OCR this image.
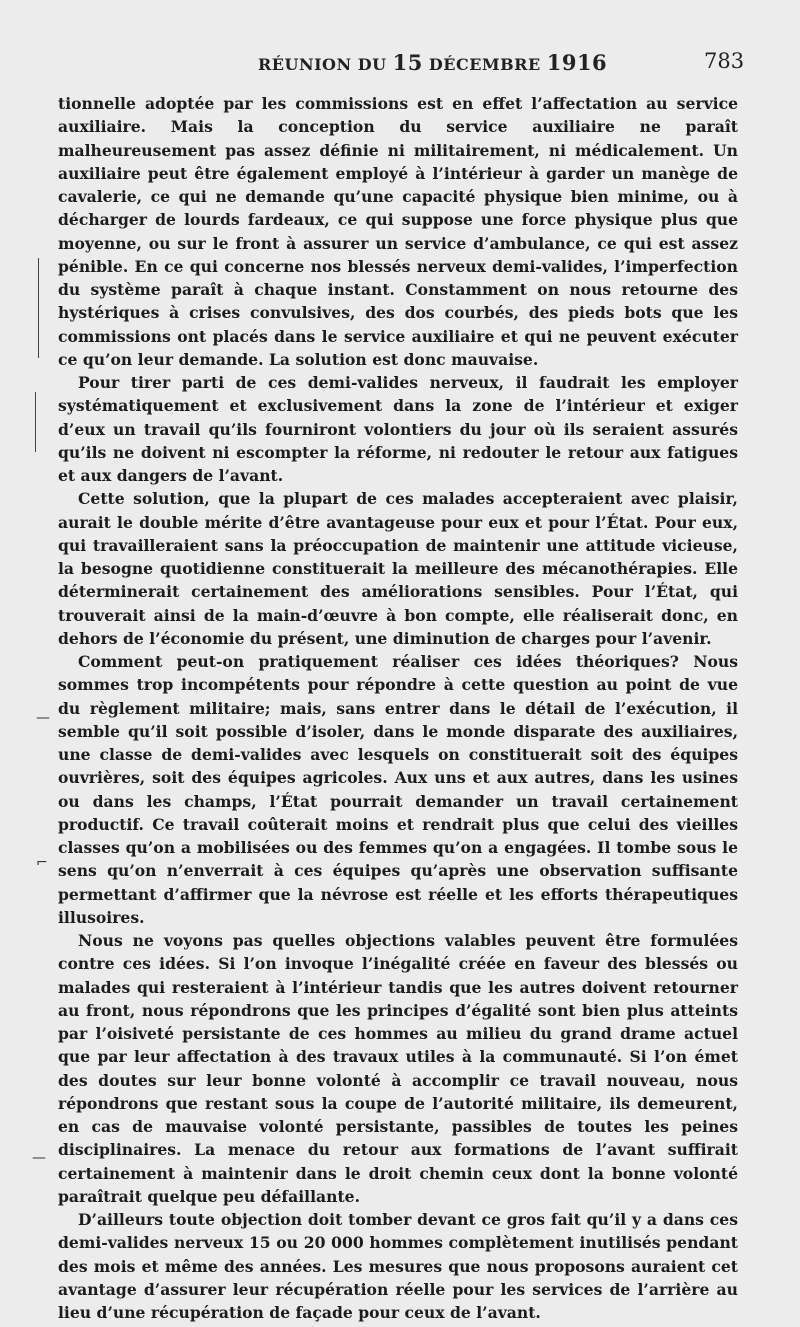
RÉUNION DU 15 DÉCEMBRE 1916	783

tionnelle adoptée par les commissions est en effet l’affectation au service auxiliaire. Mais la conception du service auxiliaire ne paraît malheureusement pas assez définie ni militairement, ni médicalement. Un auxiliaire peut être également employé à l’intérieur à garder un manège de cavalerie, ce qui ne demande qu’une capacité physique bien minime, ou à décharger de lourds fardeaux, ce qui suppose une force physique plus que moyenne, ou sur le front à assurer un service d’ambulance, ce qui est assez pénible. En ce qui concerne nos blessés nerveux demi-valides, l’imperfection du système paraît à chaque instant. Constamment on nous retourne des hystériques à crises convulsives, des dos courbés, des pieds bots que les commissions ont placés dans le service auxiliaire et qui ne peuvent exécuter ce qu’on leur demande. La solution est donc mauvaise.

Pour tirer parti de ces demi-valides nerveux, il faudrait les employer systématiquement et exclusivement dans la zone de l’intérieur et exiger d’eux un travail qu’ils fourniront volontiers du jour où ils seraient assurés qu’ils ne doivent ni escompter la réforme, ni redouter le retour aux fatigues et aux dangers de l’avant.

Cette solution, que la plupart de ces malades accepteraient avec plaisir, aurait le double mérite d’être avantageuse pour eux et pour l’État. Pour eux, qui travailleraient sans la préoccupation de maintenir une attitude vicieuse, la besogne quotidienne constituerait la meilleure des mécanothérapies. Elle déterminerait certainement des améliorations sensibles. Pour l’État, qui trouverait ainsi de la main-d’œuvre à bon compte, elle réaliserait donc, en dehors de l’économie du présent, une diminution de charges pour l’avenir.

Comment peut-on pratiquement réaliser ces idées théoriques? Nous sommes trop incompétents pour répondre à cette question au point de vue du règlement militaire; mais, sans entrer dans le détail de l’exécution, il semble qu’il soit possible d’isoler, dans le monde disparate des auxiliaires, une classe de demi-valides avec lesquels on constituerait soit des équipes ouvrières, soit des équipes agricoles. Aux uns et aux autres, dans les usines ou dans les champs, l’État pourrait demander un travail certainement productif. Ce travail coûterait moins et rendrait plus que celui des vieilles classes qu’on a mobilisées ou des femmes qu’on a engagées. Il tombe sous le sens qu’on n’enverrait à ces équipes qu’après une observation suffisante permettant d’affirmer que la névrose est réelle et les efforts thérapeutiques illusoires.

Nous ne voyons pas quelles objections valables peuvent être formulées contre ces idées. Si l’on invoque l’inégalité créée en faveur des blessés ou malades qui resteraient à l’intérieur tandis que les autres doivent retourner au front, nous répondrons que les principes d’égalité sont bien plus atteints par l’oisiveté persistante de ces hommes au milieu du grand drame actuel que par leur affectation à des travaux utiles à la communauté. Si l’on émet des doutes sur leur bonne volonté à accomplir ce travail nouveau, nous répondrons que restant sous la coupe de l’autorité militaire, ils demeurent, en cas de mauvaise volonté persistante, passibles de toutes les peines disciplinaires. La menace du retour aux formations de l’avant suffirait certainement à maintenir dans le droit chemin ceux dont la bonne volonté paraîtrait quelque peu défaillante.

D’ailleurs toute objection doit tomber devant ce gros fait qu’il y a dans ces demi-valides nerveux 15 ou 20 000 hommes complètement inutilisés pendant des mois et même des années. Les mesures que nous proposons auraient cet avantage d’assurer leur récupération réelle pour les services de l’arrière au lieu d’une récupération de façade pour ceux de l’avant.

—
—
⌐
